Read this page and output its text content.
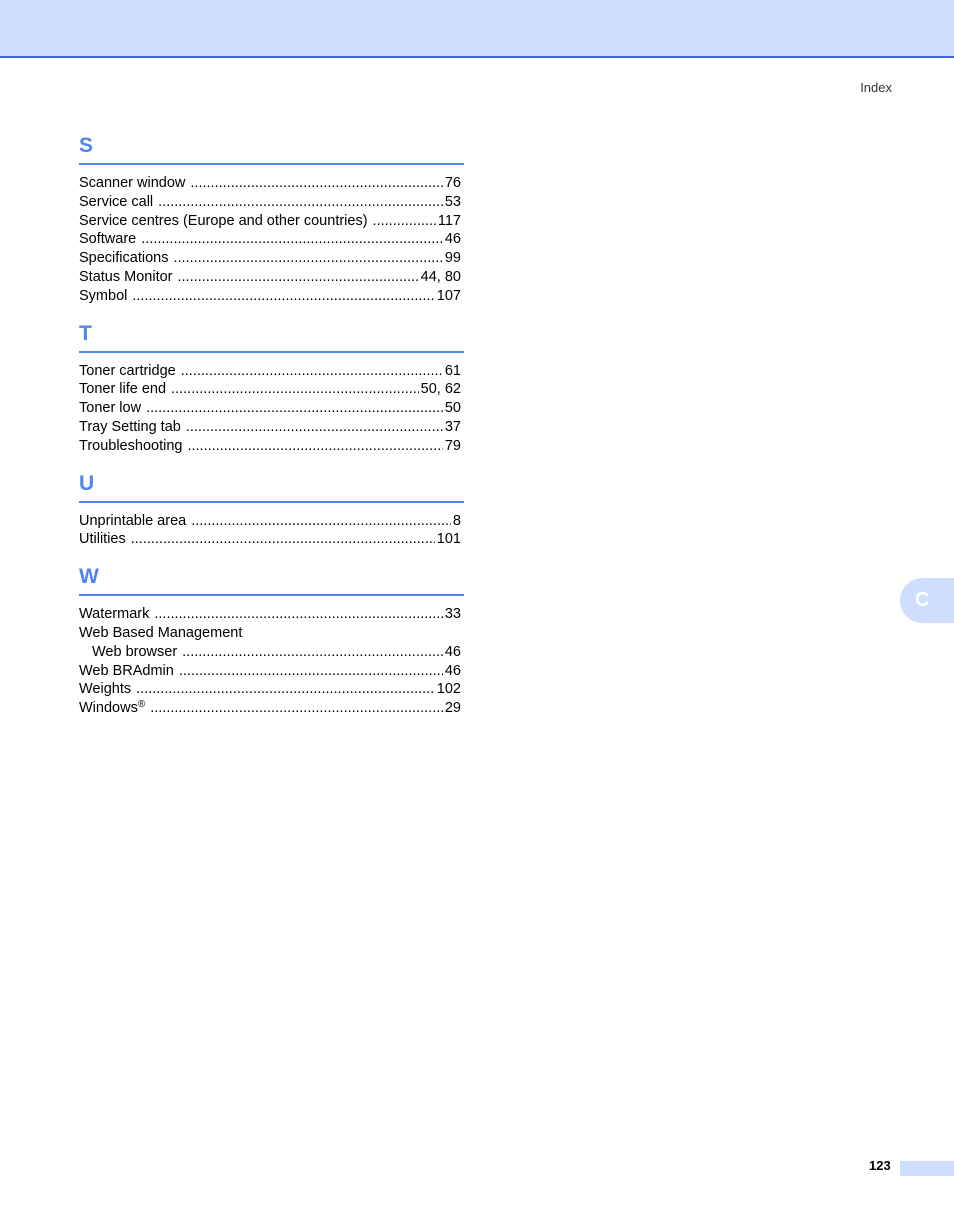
Index
S
Scanner window .....	76
Service call .....	53
Service centres (Europe and other countries) .....	117
Software .....	46
Specifications .....	99
Status Monitor .....	44, 80
Symbol .....	107
T
Toner cartridge .....	61
Toner life end .....	50, 62
Toner low .....	50
Tray Setting tab .....	37
Troubleshooting .....	79
U
Unprintable area .....	8
Utilities .....	101
W
Watermark .....	33
Web Based Management
Web browser .....	46
Web BRAdmin .....	46
Weights .....	102
Windows® .....	29
C
123
